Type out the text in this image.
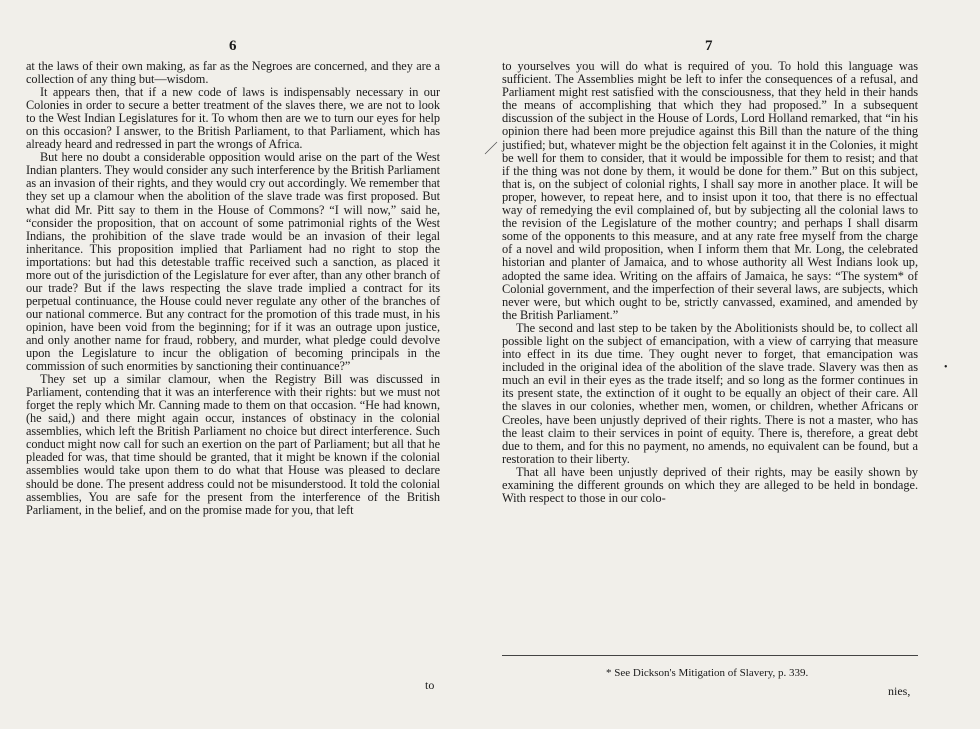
6

at the laws of their own making, as far as the Negroes are concerned, and they are a collection of any thing but—wisdom.

It appears then, that if a new code of laws is indispensably necessary in our Colonies in order to secure a better treatment of the slaves there, we are not to look to the West Indian Legislatures for it. To whom then are we to turn our eyes for help on this occasion? I answer, to the British Parliament, to that Parliament, which has already heard and redressed in part the wrongs of Africa.

But here no doubt a considerable opposition would arise on the part of the West Indian planters. They would consider any such interference by the British Parliament as an invasion of their rights, and they would cry out accordingly. We remember that they set up a clamour when the abolition of the slave trade was first proposed. But what did Mr. Pitt say to them in the House of Commons? “I will now,” said he, “consider the proposition, that on account of some patrimonial rights of the West Indians, the prohibition of the slave trade would be an invasion of their legal inheritance. This proposition implied that Parliament had no right to stop the importations: but had this detestable traffic received such a sanction, as placed it more out of the jurisdiction of the Legislature for ever after, than any other branch of our trade? But if the laws respecting the slave trade implied a contract for its perpetual continuance, the House could never regulate any other of the branches of our national commerce. But any contract for the promotion of this trade must, in his opinion, have been void from the beginning; for if it was an outrage upon justice, and only another name for fraud, robbery, and murder, what pledge could devolve upon the Legislature to incur the obligation of becoming principals in the commission of such enormities by sanctioning their continuance?”

They set up a similar clamour, when the Registry Bill was discussed in Parliament, contending that it was an interference with their rights: but we must not forget the reply which Mr. Canning made to them on that occasion. “He had known, (he said,) and there might again occur, instances of obstinacy in the colonial assemblies, which left the British Parliament no choice but direct interference. Such conduct might now call for such an exertion on the part of Parliament; but all that he pleaded for was, that time should be granted, that it might be known if the colonial assemblies would take upon them to do what that House was pleased to declare should be done. The present address could not be misunderstood. It told the colonial assemblies, You are safe for the present from the interference of the British Parliament, in the belief, and on the promise made for you, that left

7

to yourselves you will do what is required of you. To hold this language was sufficient. The Assemblies might be left to infer the consequences of a refusal, and Parliament might rest satisfied with the consciousness, that they held in their hands the means of accomplishing that which they had proposed.” In a subsequent discussion of the subject in the House of Lords, Lord Holland remarked, that “in his opinion there had been more prejudice against this Bill than the nature of the thing justified; but, whatever might be the objection felt against it in the Colonies, it might be well for them to consider, that it would be impossible for them to resist; and that if the thing was not done by them, it would be done for them.” But on this subject, that is, on the subject of colonial rights, I shall say more in another place. It will be proper, however, to repeat here, and to insist upon it too, that there is no effectual way of remedying the evil complained of, but by subjecting all the colonial laws to the revision of the Legislature of the mother country; and perhaps I shall disarm some of the opponents to this measure, and at any rate free myself from the charge of a novel and wild proposition, when I inform them that Mr. Long, the celebrated historian and planter of Jamaica, and to whose authority all West Indians look up, adopted the same idea. Writing on the affairs of Jamaica, he says: “The system* of Colonial government, and the imperfection of their several laws, are subjects, which never were, but which ought to be, strictly canvassed, examined, and amended by the British Parliament.”

The second and last step to be taken by the Abolitionists should be, to collect all possible light on the subject of emancipation, with a view of carrying that measure into effect in its due time. They ought never to forget, that emancipation was included in the original idea of the abolition of the slave trade. Slavery was then as much an evil in their eyes as the trade itself; and so long as the former continues in its present state, the extinction of it ought to be equally an object of their care. All the slaves in our colonies, whether men, women, or children, whether Africans or Creoles, have been unjustly deprived of their rights. There is not a master, who has the least claim to their services in point of equity. There is, therefore, a great debt due to them, and for this no payment, no amends, no equivalent can be found, but a restoration to their liberty.

That all have been unjustly deprived of their rights, may be easily shown by examining the different grounds on which they are alleged to be held in bondage. With respect to those in our colo-

•
* See Dickson's Mitigation of Slavery, p. 339.
to	nies,
